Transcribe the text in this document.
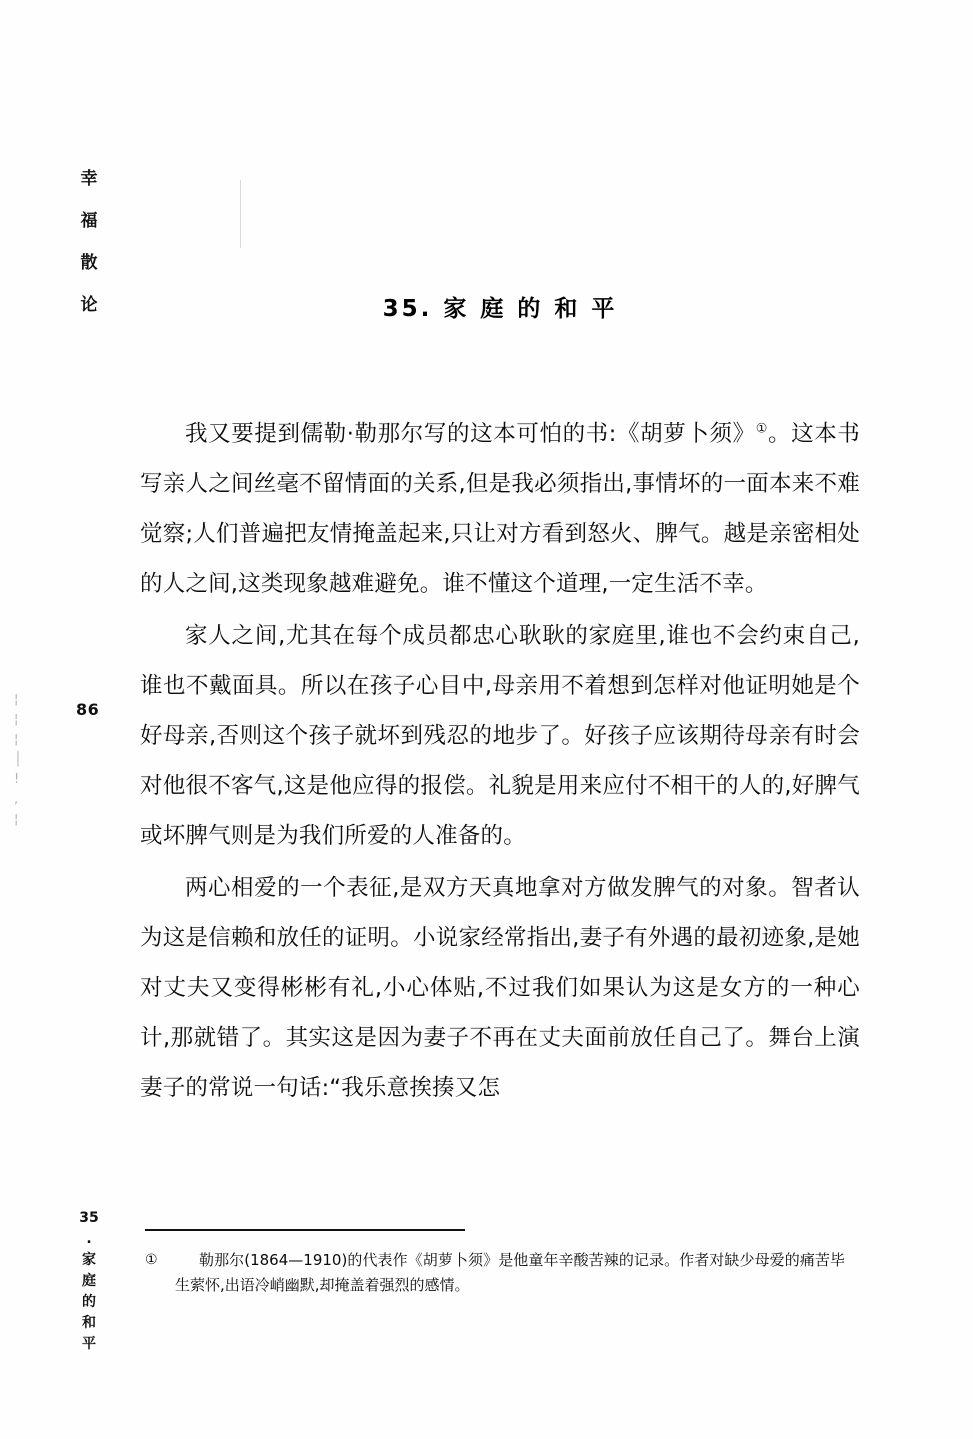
幸
福
散
论
86
¦
¦
¦
│
!
,
¦
35
.
家
庭
的
和
平
35. 家 庭 的 和 平

我又要提到儒勒·勒那尔写的这本可怕的书:《胡萝卜须》①。这本书写亲人之间丝毫不留情面的关系,但是我必须指出,事情坏的一面本来不难觉察;人们普遍把友情掩盖起来,只让对方看到怒火、脾气。越是亲密相处的人之间,这类现象越难避免。谁不懂这个道理,一定生活不幸。

家人之间,尤其在每个成员都忠心耿耿的家庭里,谁也不会约束自己,谁也不戴面具。所以在孩子心目中,母亲用不着想到怎样对他证明她是个好母亲,否则这个孩子就坏到残忍的地步了。好孩子应该期待母亲有时会对他很不客气,这是他应得的报偿。礼貌是用来应付不相干的人的,好脾气或坏脾气则是为我们所爱的人准备的。

两心相爱的一个表征,是双方天真地拿对方做发脾气的对象。智者认为这是信赖和放任的证明。小说家经常指出,妻子有外遇的最初迹象,是她对丈夫又变得彬彬有礼,小心体贴,不过我们如果认为这是女方的一种心计,那就错了。其实这是因为妻子不再在丈夫面前放任自己了。舞台上演妻子的常说一句话:“我乐意挨揍又怎

①	勒那尔(1864—1910)的代表作《胡萝卜须》是他童年辛酸苦辣的记录。作者对缺少母爱的痛苦毕生萦怀,出语冷峭幽默,却掩盖着强烈的感情。
